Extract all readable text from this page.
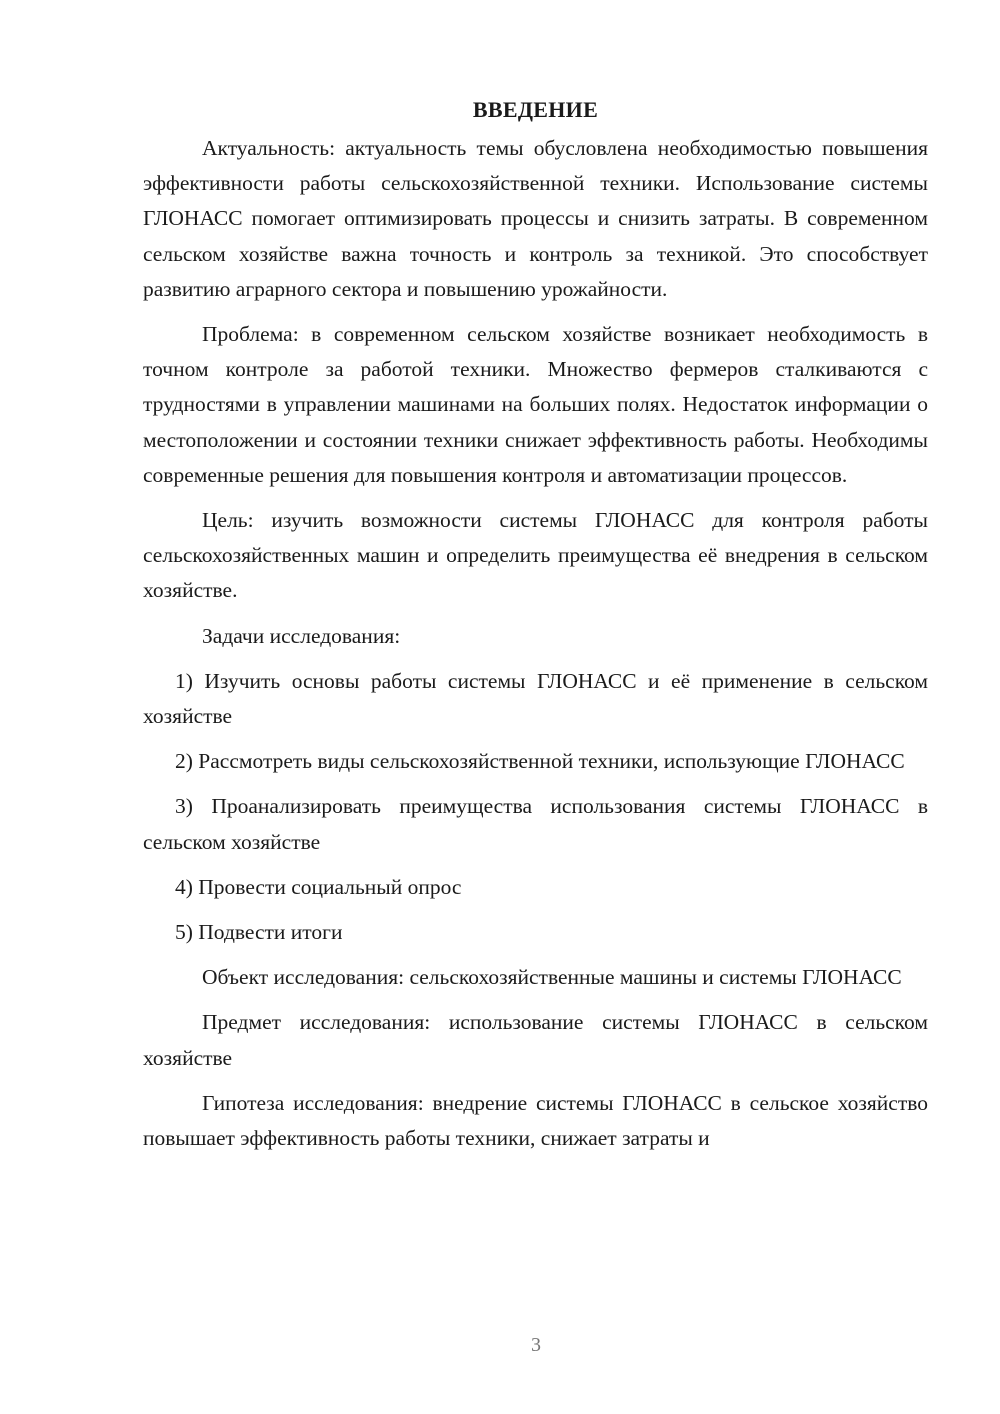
ВВЕДЕНИЕ

Актуальность: актуальность темы обусловлена необходимостью повышения эффективности работы сельскохозяйственной техники. Использование системы ГЛОНАСС помогает оптимизировать процессы и снизить затраты. В современном сельском хозяйстве важна точность и контроль за техникой. Это способствует развитию аграрного сектора и повышению урожайности.

Проблема: в современном сельском хозяйстве возникает необходимость в точном контроле за работой техники. Множество фермеров сталкиваются с трудностями в управлении машинами на больших полях. Недостаток информации о местоположении и состоянии техники снижает эффективность работы. Необходимы современные решения для повышения контроля и автоматизации процессов.

Цель: изучить возможности системы ГЛОНАСС для контроля работы сельскохозяйственных машин и определить преимущества её внедрения в сельском хозяйстве.

Задачи исследования:

1) Изучить основы работы системы ГЛОНАСС и её применение в сельском хозяйстве

2) Рассмотреть виды сельскохозяйственной техники, использующие ГЛОНАСС

3) Проанализировать преимущества использования системы ГЛОНАСС в сельском хозяйстве

4) Провести социальный опрос

5) Подвести итоги

Объект исследования: сельскохозяйственные машины и системы ГЛОНАСС

Предмет исследования: использование системы ГЛОНАСС в сельском хозяйстве

Гипотеза исследования: внедрение системы ГЛОНАСС в сельское хозяйство повышает эффективность работы техники, снижает затраты и

3
